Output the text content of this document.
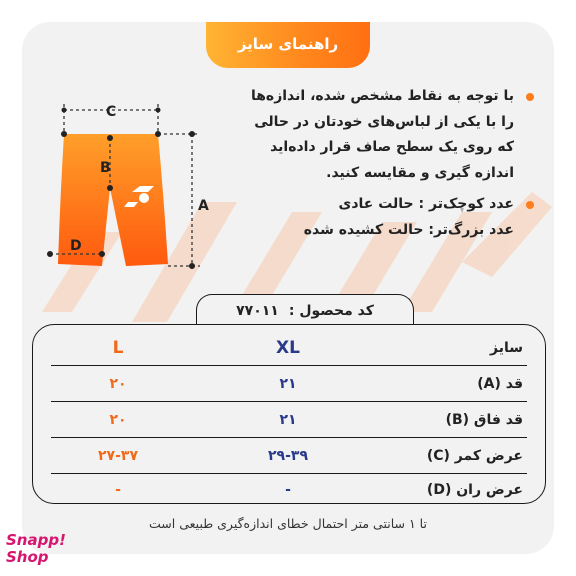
راهنمای سایز
با توجه به نقاط مشخص شده، اندازه‌ها
را با یکی از لباس‌های خودتان در حالی
که روی یک سطح صاف قرار داده‌اید
اندازه گیری و مقایسه کنید.
عدد کوچک‌تر : حالت عادی
عدد بزرگ‌تر: حالت کشیده شده
C
B
A
D
کد محصول :
۷۷۰۱۱
L	XL	سایز
۲۰	۲۱	قد (A)
۲۰	۲۱	قد فاق (B)
۲۷-۳۷	۲۹-۳۹	عرض کمر (C)
-	-	عرض ران (D)
تا ۱ سانتی متر احتمال خطای اندازه‌گیری طبیعی است
Snapp!
Shop
